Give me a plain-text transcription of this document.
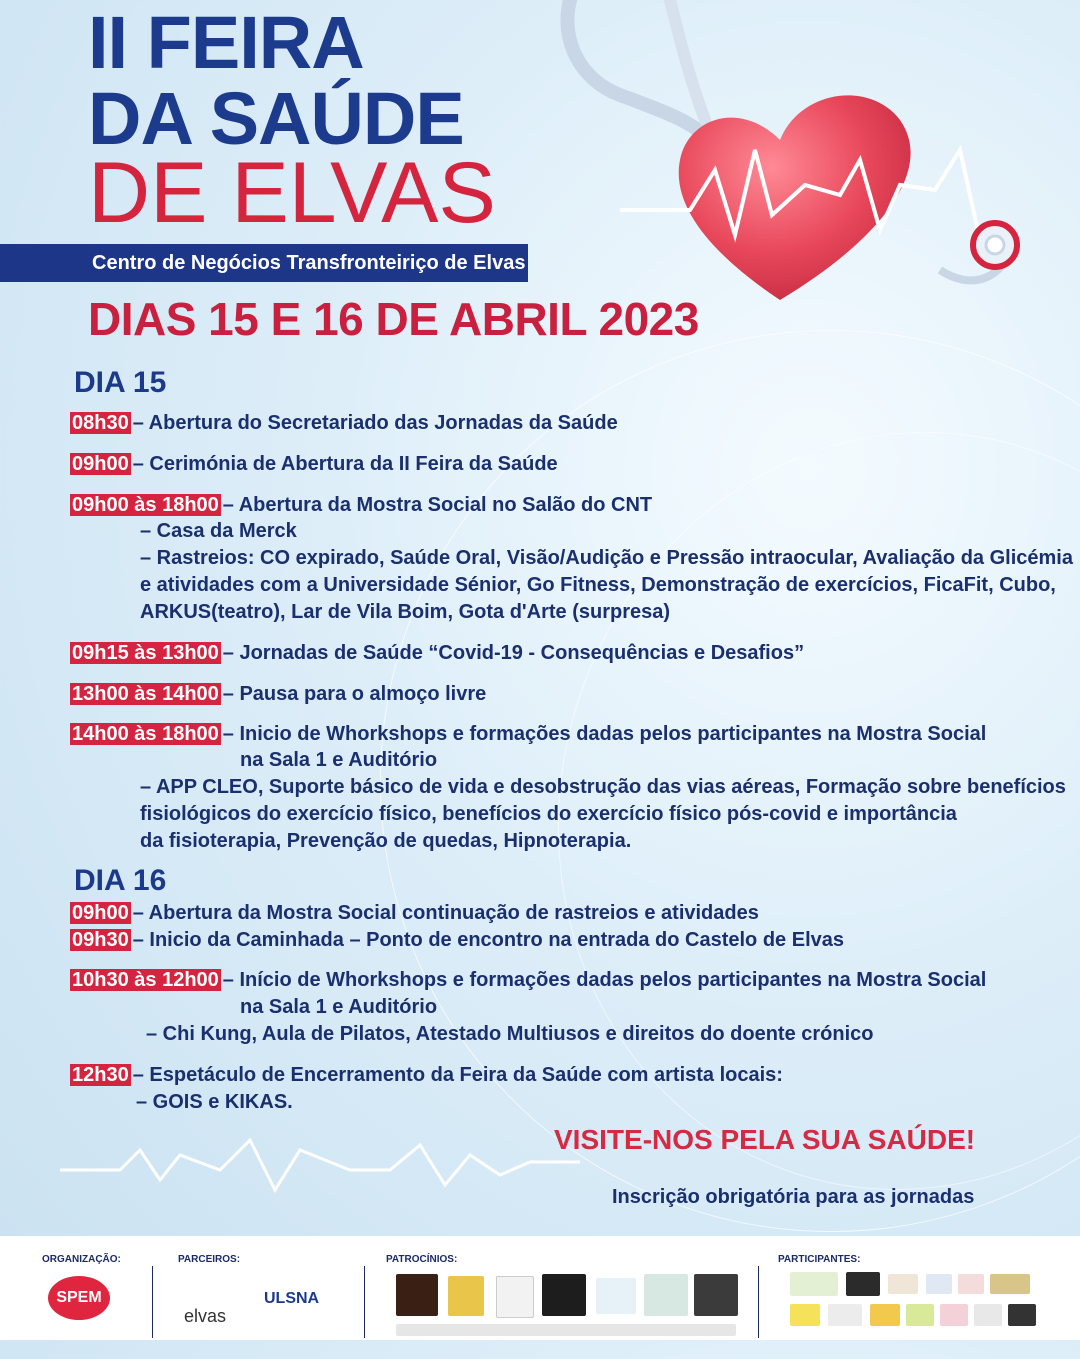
II FEIRA
DA SAÚDE
DE ELVAS
Centro de Negócios Transfronteiriço de Elvas
DIAS 15 E 16 DE ABRIL 2023
DIA 15
08h30 – Abertura do Secretariado das Jornadas da Saúde
09h00 – Cerimónia de Abertura da II Feira da Saúde
09h00 às 18h00 – Abertura da Mostra Social no Salão do CNT
– Casa da Merck
– Rastreios: CO expirado, Saúde Oral, Visão/Audição e Pressão intraocular, Avaliação da Glicémia
e atividades com a Universidade Sénior, Go Fitness, Demonstração de exercícios, FicaFit, Cubo,
ARKUS(teatro), Lar de Vila Boim, Gota d'Arte (surpresa)
09h15 às 13h00 – Jornadas de Saúde “Covid-19 - Consequências e Desafios”
13h00 às 14h00 – Pausa para o almoço livre
14h00 às 18h00 – Inicio de Whorkshops e formações dadas pelos participantes na Mostra Social
na Sala 1 e Auditório
– APP CLEO, Suporte básico de vida e desobstrução das vias aéreas, Formação sobre benefícios
fisiológicos do exercício físico, benefícios do exercício físico pós-covid e importância
da fisioterapia, Prevenção de quedas, Hipnoterapia.
DIA 16
09h00 – Abertura da Mostra Social continuação de rastreios e atividades
09h30 – Inicio da Caminhada – Ponto de encontro na entrada do Castelo de Elvas
10h30 às 12h00 – Início de Whorkshops e formações dadas pelos participantes na Mostra Social
na Sala 1 e Auditório
– Chi Kung, Aula de Pilatos, Atestado Multiusos e direitos do doente crónico
12h30 – Espetáculo de Encerramento da Feira da Saúde com artista locais:
– GOIS e KIKAS.
VISITE-NOS PELA SUA SAÚDE!
Inscrição obrigatória para as jornadas
ORGANIZAÇÃO:	PARCEIROS:	PATROCÍNIOS:	PARTICIPANTES:
SPEM
elvas
ULSNA
